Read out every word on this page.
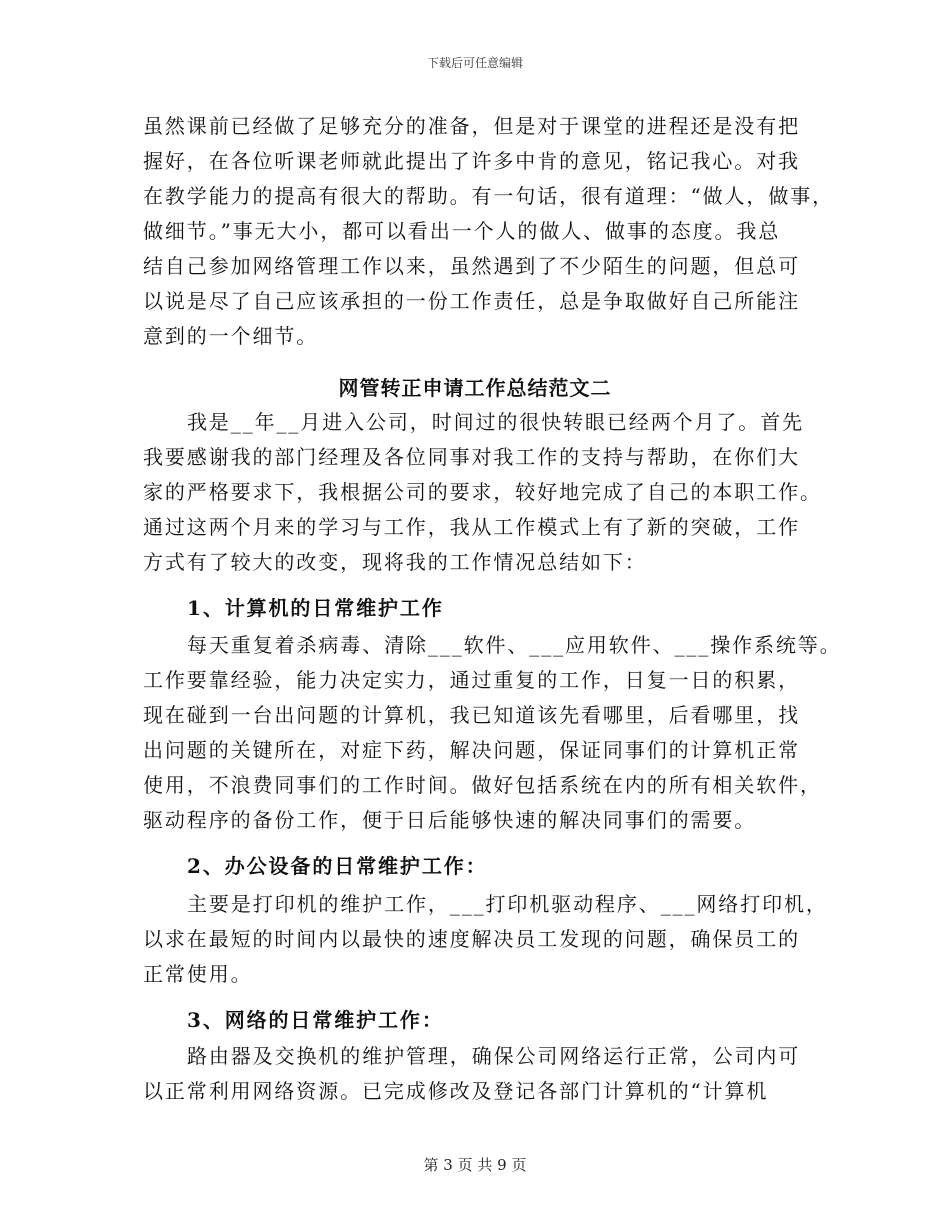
下载后可任意编辑
虽然课前已经做了足够充分的准备，但是对于课堂的进程还是没有把
握好，在各位听课老师就此提出了许多中肯的意见，铭记我心。对我
在教学能力的提高有很大的帮助。有一句话，很有道理：“做人，做事，
做细节。”事无大小，都可以看出一个人的做人、做事的态度。我总
结自己参加网络管理工作以来，虽然遇到了不少陌生的问题，但总可
以说是尽了自己应该承担的一份工作责任，总是争取做好自己所能注
意到的一个细节。
网管转正申请工作总结范文二
我是__年__月进入公司，时间过的很快转眼已经两个月了。首先
我要感谢我的部门经理及各位同事对我工作的支持与帮助，在你们大
家的严格要求下，我根据公司的要求，较好地完成了自己的本职工作。
通过这两个月来的学习与工作，我从工作模式上有了新的突破，工作
方式有了较大的改变，现将我的工作情况总结如下：
1、计算机的日常维护工作
每天重复着杀病毒、清除___软件、___应用软件、___操作系统等。
工作要靠经验，能力决定实力，通过重复的工作，日复一日的积累，
现在碰到一台出问题的计算机，我已知道该先看哪里，后看哪里，找
出问题的关键所在，对症下药，解决问题，保证同事们的计算机正常
使用，不浪费同事们的工作时间。做好包括系统在内的所有相关软件，
驱动程序的备份工作，便于日后能够快速的解决同事们的需要。
2、办公设备的日常维护工作：
主要是打印机的维护工作，___打印机驱动程序、___网络打印机，
以求在最短的时间内以最快的速度解决员工发现的问题，确保员工的
正常使用。
3、网络的日常维护工作：
路由器及交换机的维护管理，确保公司网络运行正常，公司内可
以正常利用网络资源。已完成修改及登记各部门计算机的“计算机
第 3 页 共 9 页
